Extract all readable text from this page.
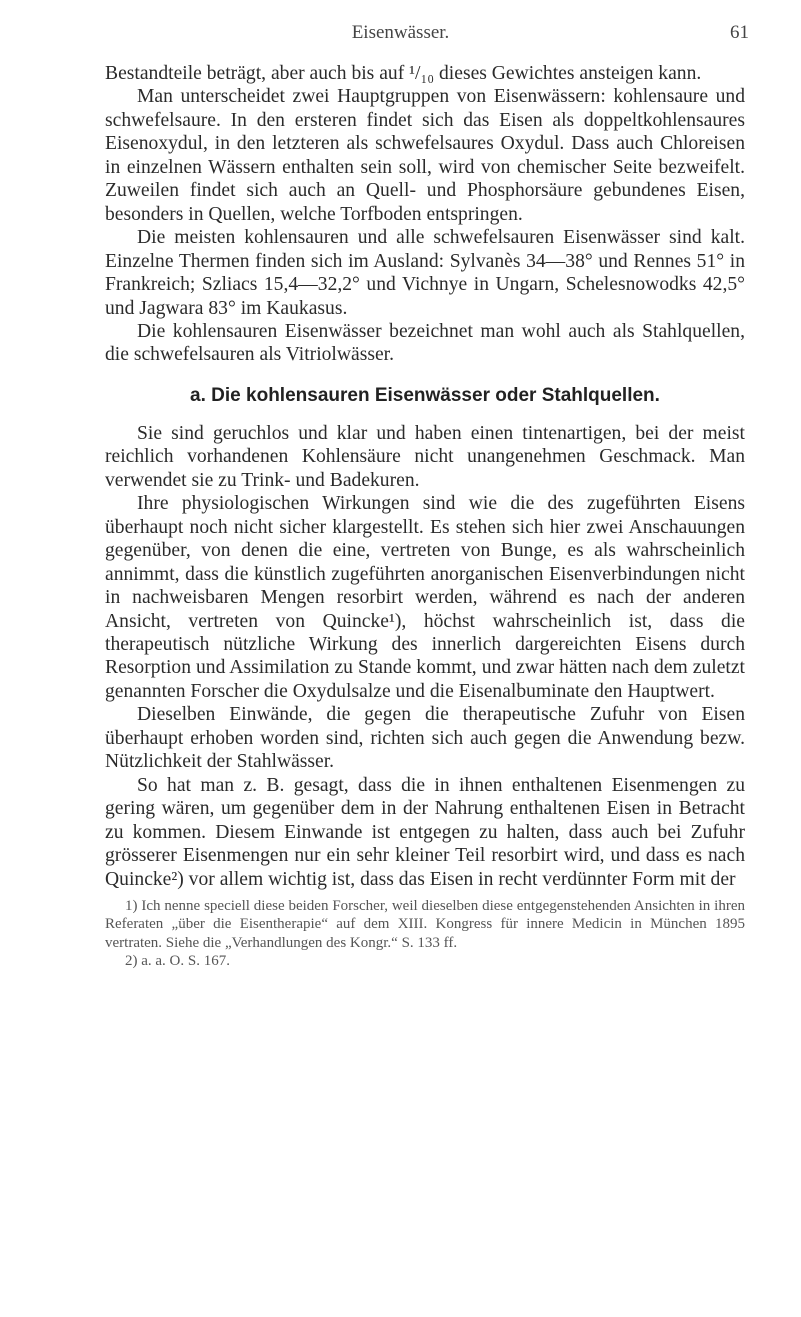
Eisenwässer.	61

Bestandteile beträgt, aber auch bis auf ¹/₁₀ dieses Gewichtes ansteigen kann.

Man unterscheidet zwei Hauptgruppen von Eisenwässern: kohlensaure und schwefelsaure. In den ersteren findet sich das Eisen als doppeltkohlensaures Eisenoxydul, in den letzteren als schwefelsaures Oxydul. Dass auch Chloreisen in einzelnen Wässern enthalten sein soll, wird von chemischer Seite bezweifelt. Zuweilen findet sich auch an Quell- und Phosphorsäure gebundenes Eisen, besonders in Quellen, welche Torfboden entspringen.

Die meisten kohlensauren und alle schwefelsauren Eisenwässer sind kalt. Einzelne Thermen finden sich im Ausland: Sylvanès 34—38° und Rennes 51° in Frankreich; Szliacs 15,4—32,2° und Vichnye in Ungarn, Schelesnowodks 42,5° und Jagwara 83° im Kaukasus.

Die kohlensauren Eisenwässer bezeichnet man wohl auch als Stahlquellen, die schwefelsauren als Vitriolwässer.

a. Die kohlensauren Eisenwässer oder Stahlquellen.

Sie sind geruchlos und klar und haben einen tintenartigen, bei der meist reichlich vorhandenen Kohlensäure nicht unangenehmen Geschmack. Man verwendet sie zu Trink- und Badekuren.

Ihre physiologischen Wirkungen sind wie die des zugeführten Eisens überhaupt noch nicht sicher klargestellt. Es stehen sich hier zwei Anschauungen gegenüber, von denen die eine, vertreten von Bunge, es als wahrscheinlich annimmt, dass die künstlich zugeführten anorganischen Eisenverbindungen nicht in nachweisbaren Mengen resorbirt werden, während es nach der anderen Ansicht, vertreten von Quincke¹), höchst wahrscheinlich ist, dass die therapeutisch nützliche Wirkung des innerlich dargereichten Eisens durch Resorption und Assimilation zu Stande kommt, und zwar hätten nach dem zuletzt genannten Forscher die Oxydulsalze und die Eisenalbuminate den Hauptwert.

Dieselben Einwände, die gegen die therapeutische Zufuhr von Eisen überhaupt erhoben worden sind, richten sich auch gegen die Anwendung bezw. Nützlichkeit der Stahlwässer.

So hat man z. B. gesagt, dass die in ihnen enthaltenen Eisenmengen zu gering wären, um gegenüber dem in der Nahrung enthaltenen Eisen in Betracht zu kommen. Diesem Einwande ist entgegen zu halten, dass auch bei Zufuhr grösserer Eisenmengen nur ein sehr kleiner Teil resorbirt wird, und dass es nach Quincke²) vor allem wichtig ist, dass das Eisen in recht verdünnter Form mit der

1) Ich nenne speciell diese beiden Forscher, weil dieselben diese entgegenstehenden Ansichten in ihren Referaten „über die Eisentherapie“ auf dem XIII. Kongress für innere Medicin in München 1895 vertraten. Siehe die „Verhandlungen des Kongr.“ S. 133 ff.

2) a. a. O. S. 167.
